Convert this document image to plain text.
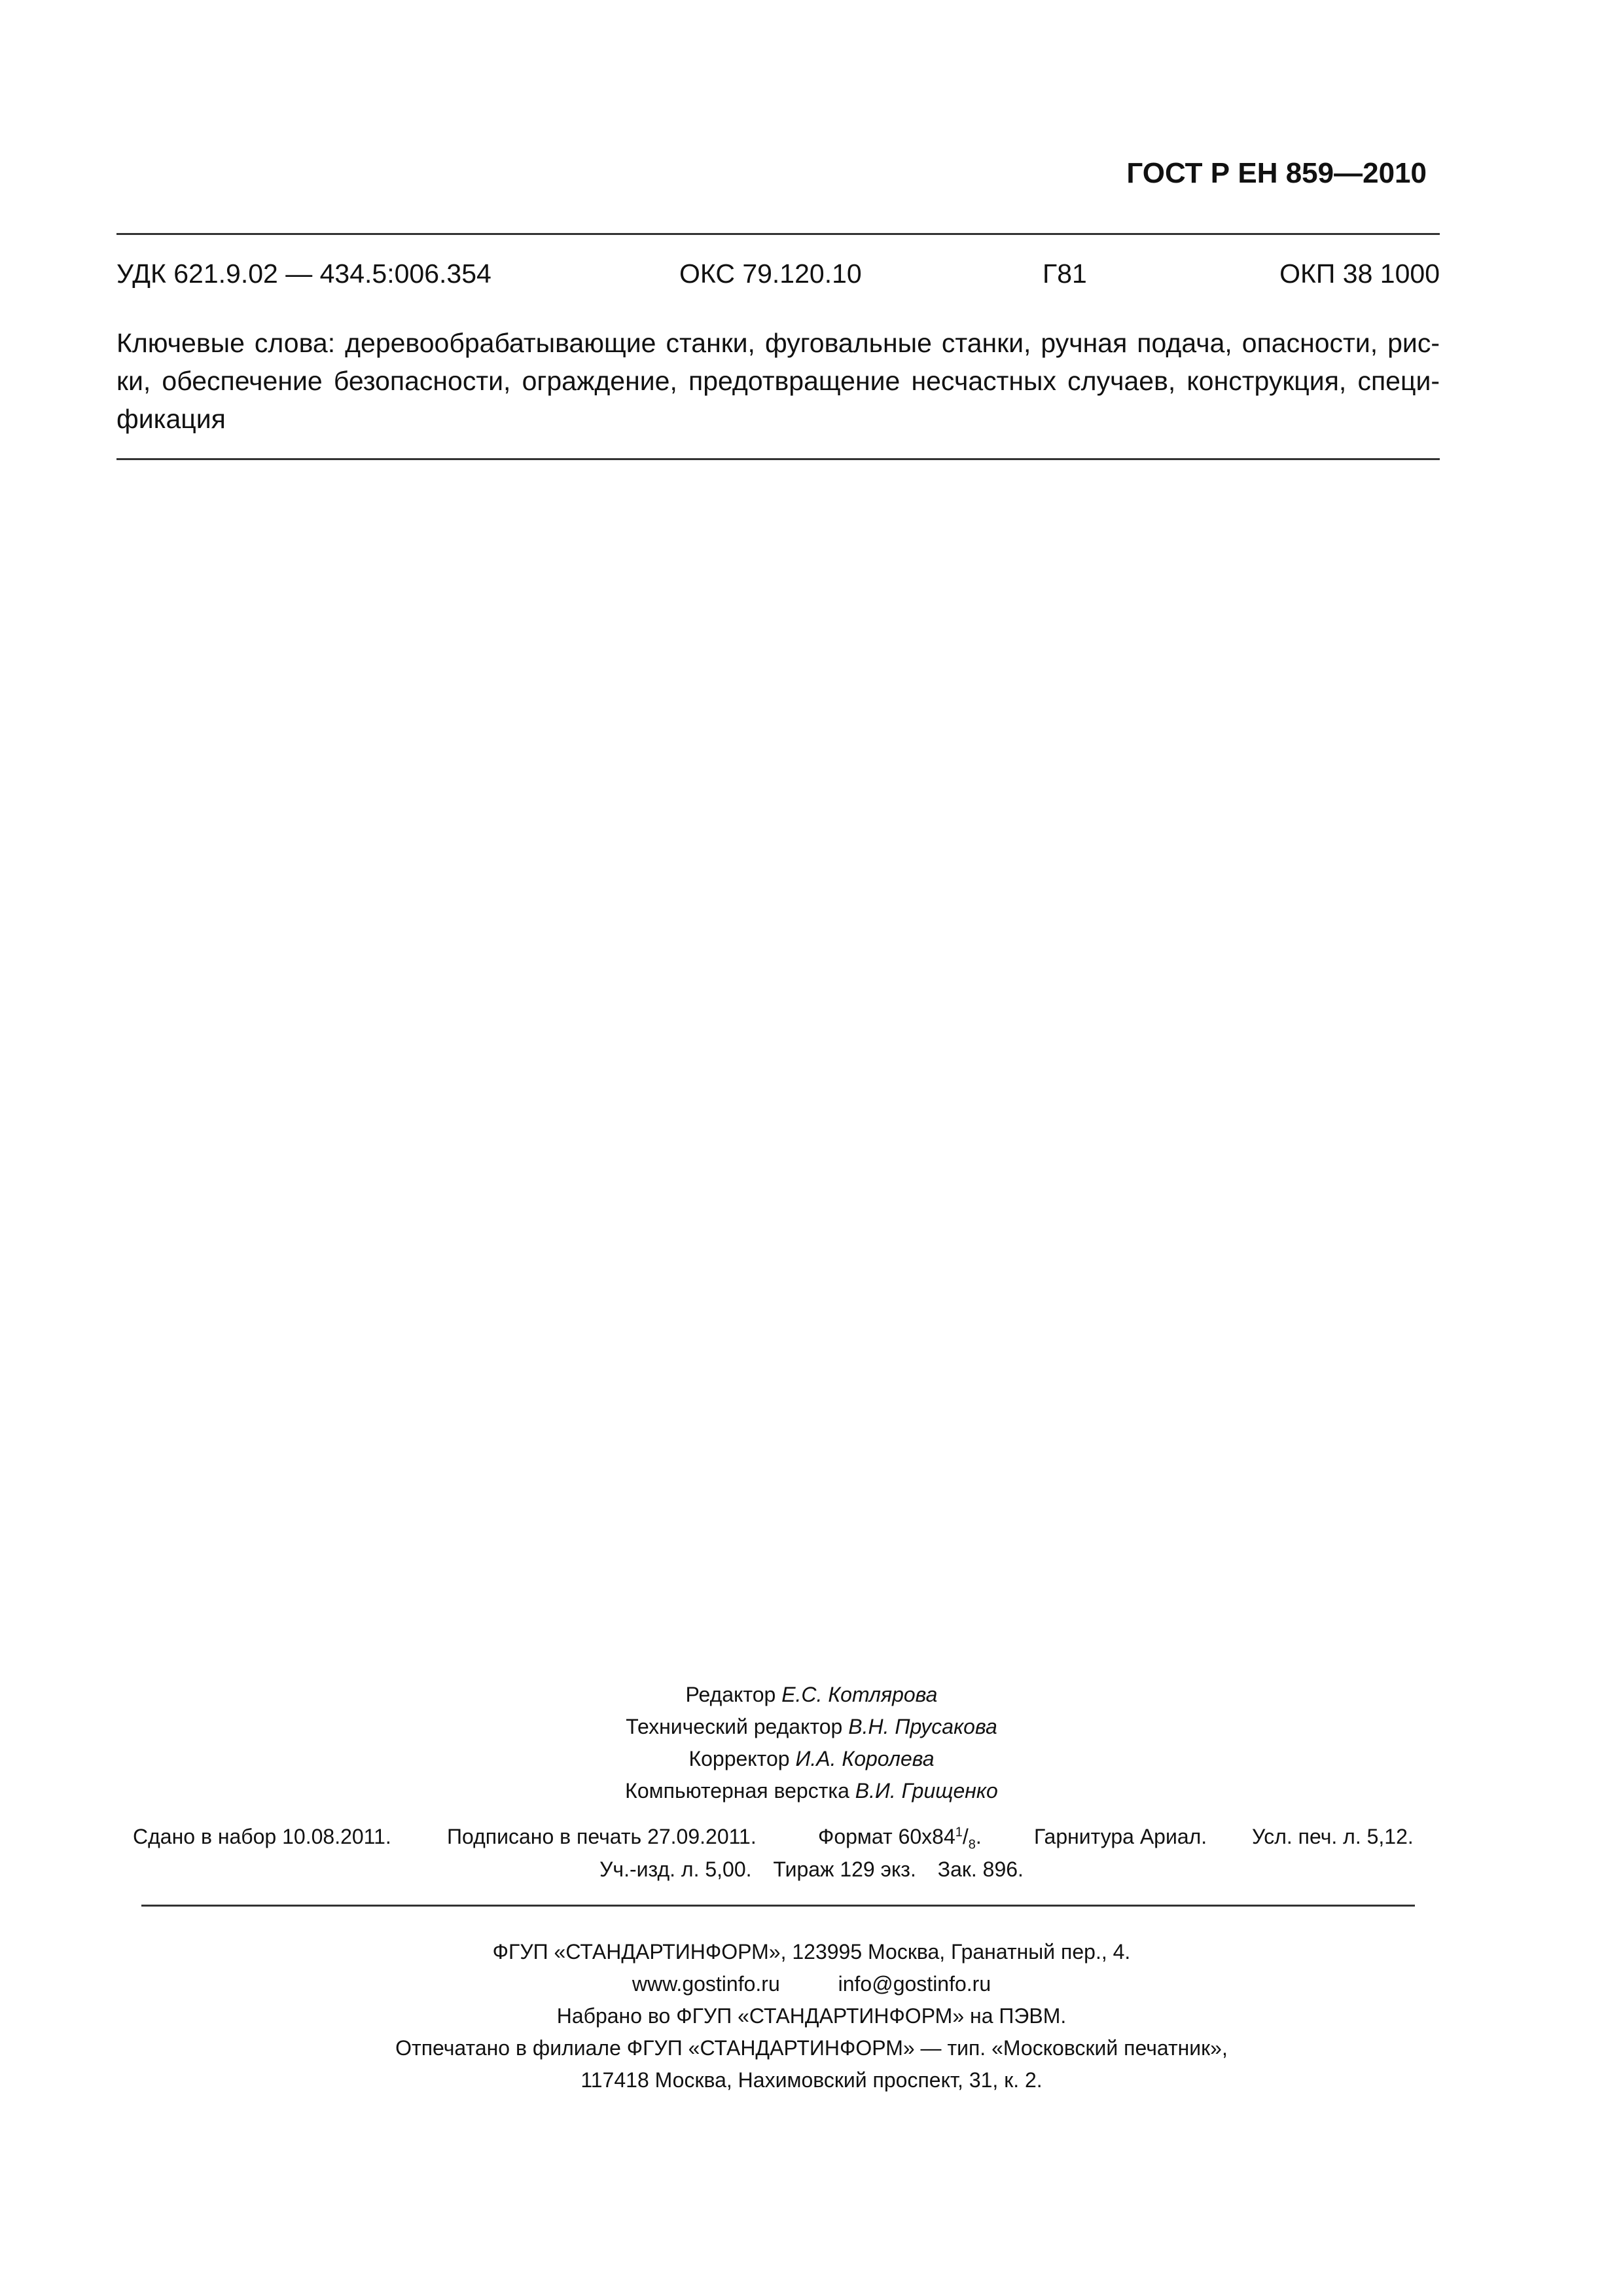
ГОСТ Р ЕН 859—2010
УДК 621.9.02 — 434.5:006.354	ОКС 79.120.10	Г81	ОКП 38 1000
Ключевые слова: деревообрабатывающие станки, фуговальные станки, ручная подача, опасности, рис-ки, обеспечение безопасности, ограждение, предотвращение несчастных случаев, конструкция, специ-фикация
Редактор Е.С. Котлярова
Технический редактор В.Н. Прусакова
Корректор И.А. Королева
Компьютерная верстка В.И. Грищенко
Сдано в набор 10.08.2011.	Подписано в печать 27.09.2011.	Формат $60х84^1/_8$.	Гарнитура Ариал. Усл. печ. л. 5,12.
Уч.-изд. л. 5,00. Тираж 129 экз. Зак. 896.
ФГУП «СТАНДАРТИНФОРМ», 123995 Москва, Гранатный пер., 4.
www.gostinfo.ru	info@gostinfo.ru
Набрано во ФГУП «СТАНДАРТИНФОРМ» на ПЭВМ.
Отпечатано в филиале ФГУП «СТАНДАРТИНФОРМ» — тип. «Московский печатник»,
117418 Москва, Нахимовский проспект, 31, к. 2.
